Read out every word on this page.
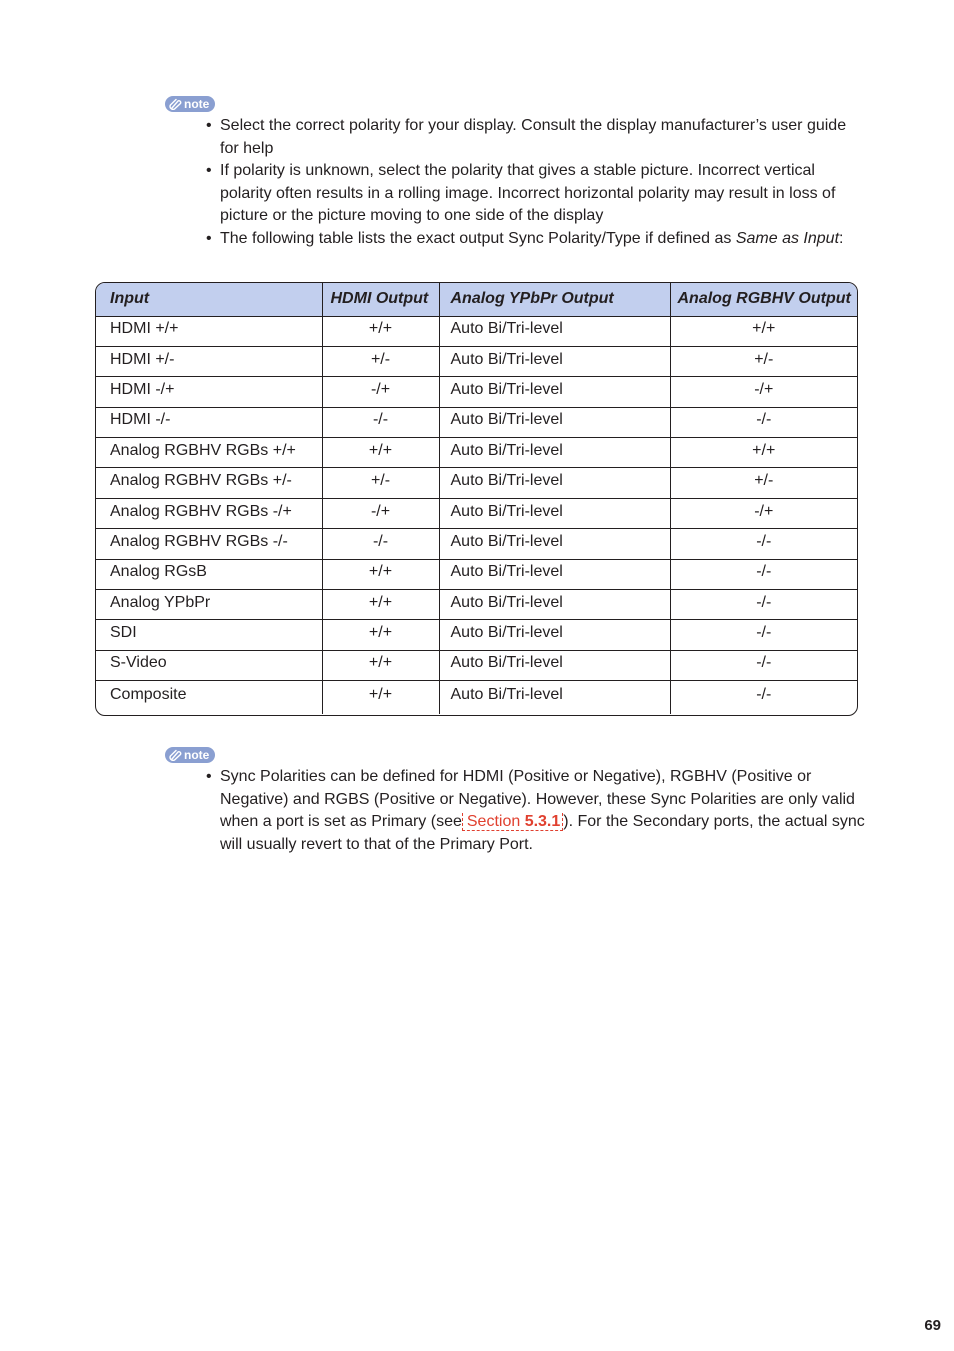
note
• Select the correct polarity for your display. Consult the display manufacturer’s user guide for help
• If polarity is unknown, select the polarity that gives a stable picture. Incorrect vertical polarity often results in a rolling image. Incorrect horizontal polarity may result in loss of picture or the picture moving to one side of the display
• The following table lists the exact output Sync Polarity/Type if defined as Same as Input:
Input	HDMI Output	Analog YPbPr Output	Analog RGBHV Output
HDMI +/+	+/+	Auto Bi/Tri-level	+/+
HDMI +/-	+/-	Auto Bi/Tri-level	+/-
HDMI -/+	-/+	Auto Bi/Tri-level	-/+
HDMI -/-	-/-	Auto Bi/Tri-level	-/-
Analog RGBHV RGBs +/+	+/+	Auto Bi/Tri-level	+/+
Analog RGBHV RGBs +/-	+/-	Auto Bi/Tri-level	+/-
Analog RGBHV RGBs -/+	-/+	Auto Bi/Tri-level	-/+
Analog RGBHV RGBs -/-	-/-	Auto Bi/Tri-level	-/-
Analog RGsB	+/+	Auto Bi/Tri-level	-/-
Analog YPbPr	+/+	Auto Bi/Tri-level	-/-
SDI	+/+	Auto Bi/Tri-level	-/-
S-Video	+/+	Auto Bi/Tri-level	-/-
Composite	+/+	Auto Bi/Tri-level	-/-
note
• Sync Polarities can be defined for HDMI (Positive or Negative), RGBHV (Positive or Negative) and RGBS (Positive or Negative). However, these Sync Polarities are only valid when a port is set as Primary (see Section 5.3.1 ). For the Secondary ports, the actual sync will usually revert to that of the Primary Port.
69
